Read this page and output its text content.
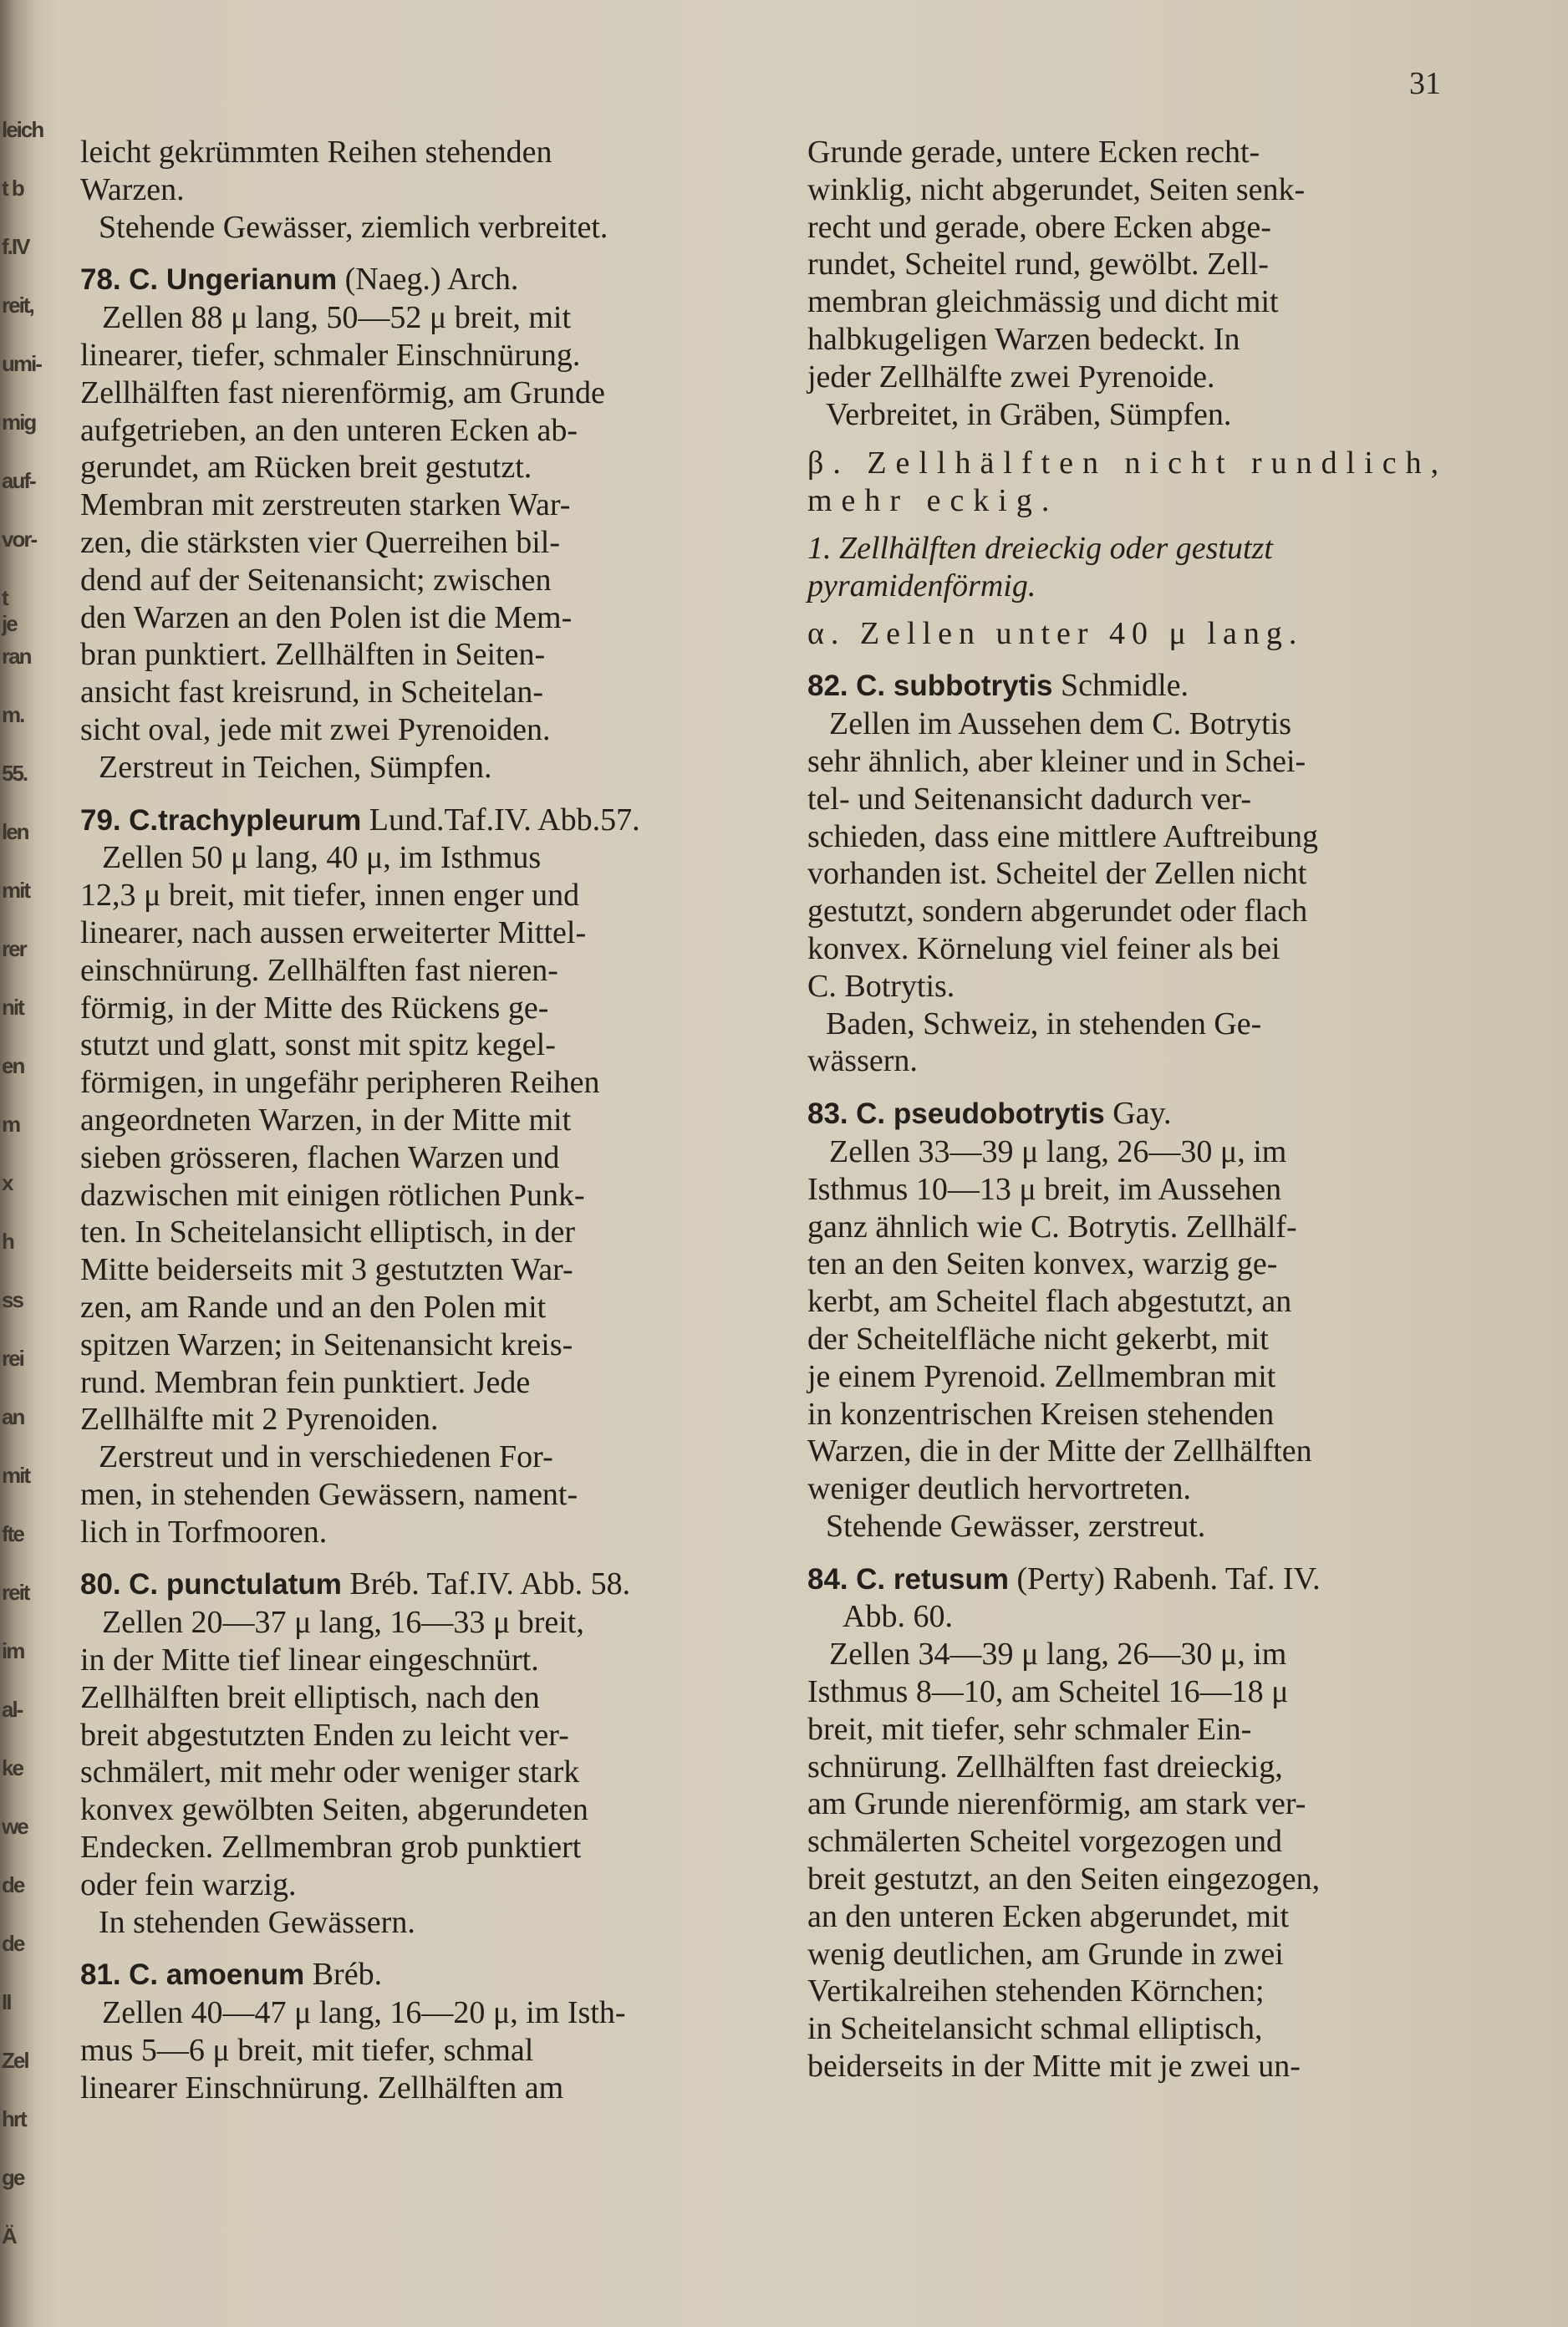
leich
t b
f.IV
reit,
umi-
mig
auf-
vor-
t je
ran
m.
55.
len
mit
rer
nit
en
m
x
h
ss
rei
an
mit
fte
reit
im
al-
ke
we
de
de
II
Zel
hrt
ge
Ä
31

leicht gekrümmten Reihen stehenden

Warzen.

Stehende Gewässer, ziemlich verbreitet.

78. C. Ungerianum (Naeg.) Arch.

Zellen 88 μ lang, 50—52 μ breit, mit

linearer, tiefer, schmaler Einschnürung.

Zellhälften fast nierenförmig, am Grunde

aufgetrieben, an den unteren Ecken ab-

gerundet, am Rücken breit gestutzt.

Membran mit zerstreuten starken War-

zen, die stärksten vier Querreihen bil-

dend auf der Seitenansicht; zwischen

den Warzen an den Polen ist die Mem-

bran punktiert. Zellhälften in Seiten-

ansicht fast kreisrund, in Scheitelan-

sicht oval, jede mit zwei Pyrenoiden.

Zerstreut in Teichen, Sümpfen.

79. C.trachypleurum Lund.Taf.IV. Abb.57.

Zellen 50 μ lang, 40 μ, im Isthmus

12,3 μ breit, mit tiefer, innen enger und

linearer, nach aussen erweiterter Mittel-

einschnürung. Zellhälften fast nieren-

förmig, in der Mitte des Rückens ge-

stutzt und glatt, sonst mit spitz kegel-

förmigen, in ungefähr peripheren Reihen

angeordneten Warzen, in der Mitte mit

sieben grösseren, flachen Warzen und

dazwischen mit einigen rötlichen Punk-

ten. In Scheitelansicht elliptisch, in der

Mitte beiderseits mit 3 gestutzten War-

zen, am Rande und an den Polen mit

spitzen Warzen; in Seitenansicht kreis-

rund. Membran fein punktiert. Jede

Zellhälfte mit 2 Pyrenoiden.

Zerstreut und in verschiedenen For-

men, in stehenden Gewässern, nament-

lich in Torfmooren.

80. C. punctulatum Bréb. Taf.IV. Abb. 58.

Zellen 20—37 μ lang, 16—33 μ breit,

in der Mitte tief linear eingeschnürt.

Zellhälften breit elliptisch, nach den

breit abgestutzten Enden zu leicht ver-

schmälert, mit mehr oder weniger stark

konvex gewölbten Seiten, abgerundeten

Endecken. Zellmembran grob punktiert

oder fein warzig.

In stehenden Gewässern.

81. C. amoenum Bréb.

Zellen 40—47 μ lang, 16—20 μ, im Isth-

mus 5—6 μ breit, mit tiefer, schmal

linearer Einschnürung. Zellhälften am

Grunde gerade, untere Ecken recht-

winklig, nicht abgerundet, Seiten senk-

recht und gerade, obere Ecken abge-

rundet, Scheitel rund, gewölbt. Zell-

membran gleichmässig und dicht mit

halbkugeligen Warzen bedeckt. In

jeder Zellhälfte zwei Pyrenoide.

Verbreitet, in Gräben, Sümpfen.

β. Zellhälften nicht rundlich,

mehr eckig.

1. Zellhälften dreieckig oder gestutzt

pyramidenförmig.

α. Zellen unter 40 μ lang.

82. C. subbotrytis Schmidle.

Zellen im Aussehen dem C. Botrytis

sehr ähnlich, aber kleiner und in Schei-

tel- und Seitenansicht dadurch ver-

schieden, dass eine mittlere Auftreibung

vorhanden ist. Scheitel der Zellen nicht

gestutzt, sondern abgerundet oder flach

konvex. Körnelung viel feiner als bei

C. Botrytis.

Baden, Schweiz, in stehenden Ge-

wässern.

83. C. pseudobotrytis Gay.

Zellen 33—39 μ lang, 26—30 μ, im

Isthmus 10—13 μ breit, im Aussehen

ganz ähnlich wie C. Botrytis. Zellhälf-

ten an den Seiten konvex, warzig ge-

kerbt, am Scheitel flach abgestutzt, an

der Scheitelfläche nicht gekerbt, mit

je einem Pyrenoid. Zellmembran mit

in konzentrischen Kreisen stehenden

Warzen, die in der Mitte der Zellhälften

weniger deutlich hervortreten.

Stehende Gewässer, zerstreut.

84. C. retusum (Perty) Rabenh. Taf. IV.

Abb. 60.

Zellen 34—39 μ lang, 26—30 μ, im

Isthmus 8—10, am Scheitel 16—18 μ

breit, mit tiefer, sehr schmaler Ein-

schnürung. Zellhälften fast dreieckig,

am Grunde nierenförmig, am stark ver-

schmälerten Scheitel vorgezogen und

breit gestutzt, an den Seiten eingezogen,

an den unteren Ecken abgerundet, mit

wenig deutlichen, am Grunde in zwei

Vertikalreihen stehenden Körnchen;

in Scheitelansicht schmal elliptisch,

beiderseits in der Mitte mit je zwei un-
